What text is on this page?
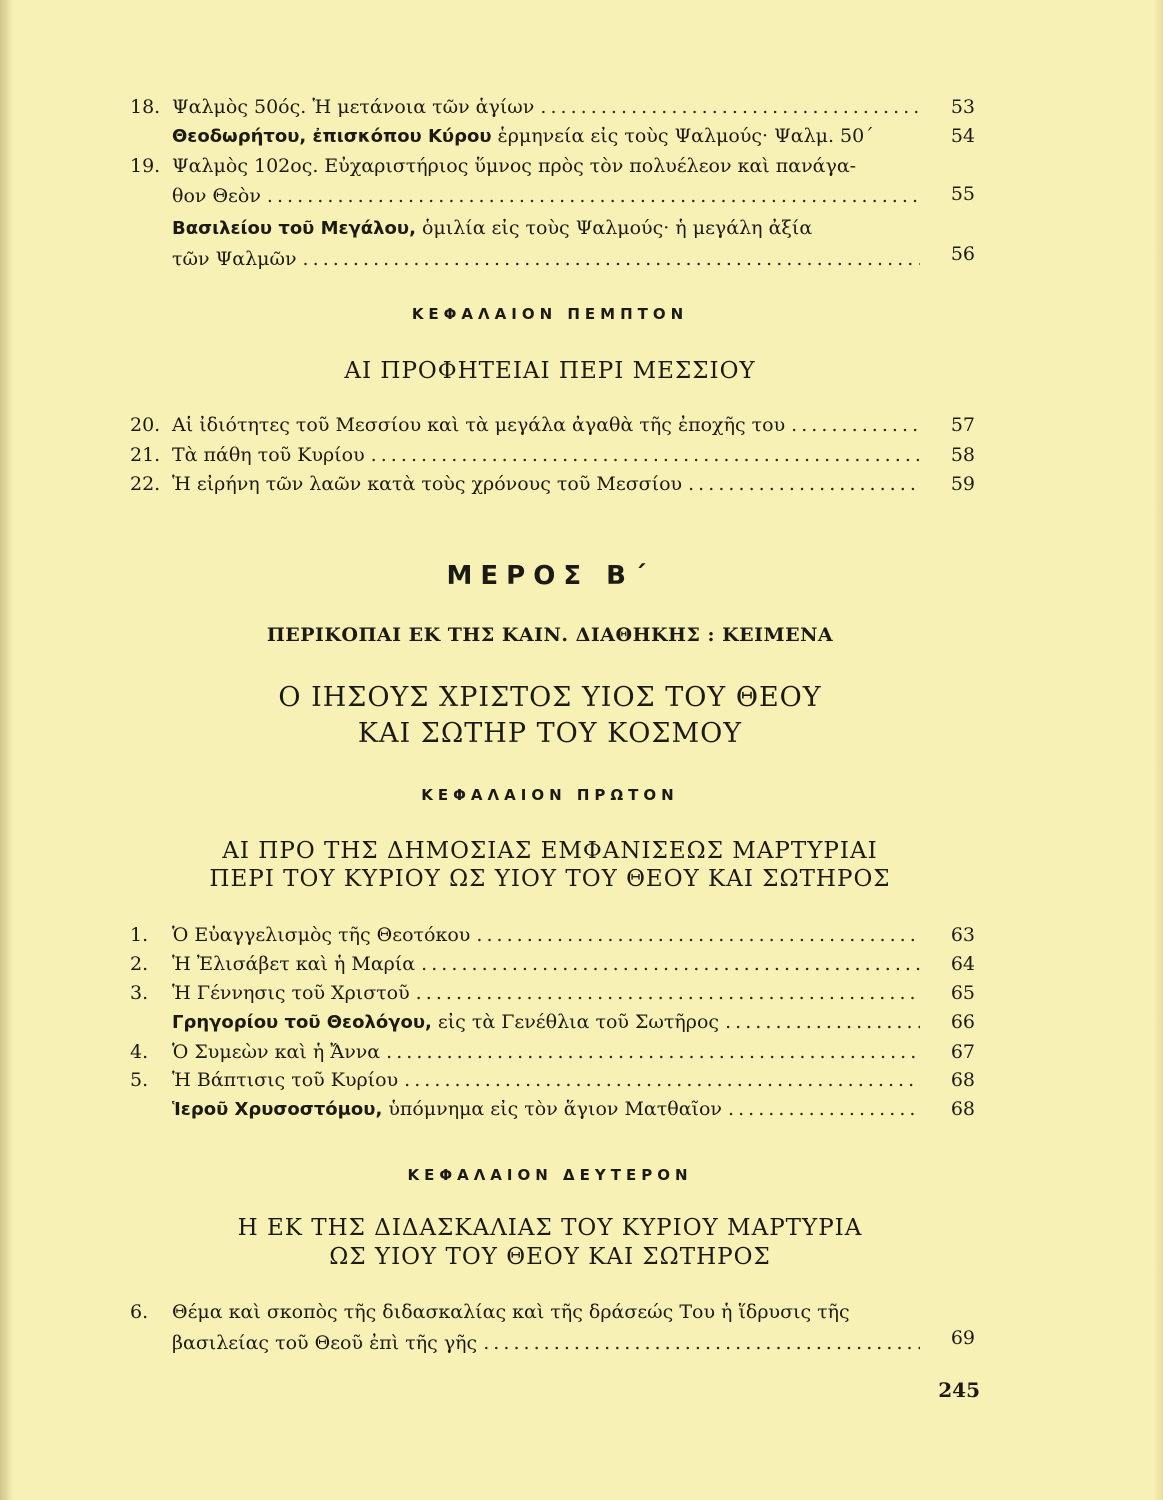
18. Ψαλμὸς 50ός. Ἡ μετάνοια τῶν ἁγίων . . .	53
Θεοδωρήτου, ἐπισκόπου Κύρου ἑρμηνεία εἰς τοὺς Ψαλμούς· Ψαλμ. 50΄	54
19. Ψαλμὸς 102ος. Εὐχαριστήριος ὕμνος πρὸς τὸν πολυέλεον καὶ πανάγα-
θον Θεὸν . . .	55
Βασιλείου τοῦ Μεγάλου, ὁμιλία εἰς τοὺς Ψαλμούς· ἡ μεγάλη ἀξία
τῶν Ψαλμῶν . . .	56
ΚΕΦΑΛΑΙΟΝ ΠΕΜΠΤΟΝ
ΑΙ ΠΡΟΦΗΤΕΙΑΙ ΠΕΡΙ ΜΕΣΣΙΟΥ
20. Αἱ ἰδιότητες τοῦ Μεσσίου καὶ τὰ μεγάλα ἀγαθὰ τῆς ἐποχῆς του . . .	57
21. Τὰ πάθη τοῦ Κυρίου . . .	58
22. Ἡ εἰρήνη τῶν λαῶν κατὰ τοὺς χρόνους τοῦ Μεσσίου . . .	59
ΜΕΡΟΣ Β΄
ΠΕΡΙΚΟΠΑΙ ΕΚ ΤΗΣ ΚΑΙΝ. ΔΙΑΘΗΚΗΣ : ΚΕΙΜΕΝΑ
Ο ΙΗΣΟΥΣ ΧΡΙΣΤΟΣ ΥΙΟΣ ΤΟΥ ΘΕΟΥ
ΚΑΙ ΣΩΤΗΡ ΤΟΥ ΚΟΣΜΟΥ
ΚΕΦΑΛΑΙΟΝ ΠΡΩΤΟΝ
ΑΙ ΠΡΟ ΤΗΣ ΔΗΜΟΣΙΑΣ ΕΜΦΑΝΙΣΕΩΣ ΜΑΡΤΥΡΙΑΙ
ΠΕΡΙ ΤΟΥ ΚΥΡΙΟΥ ΩΣ ΥΙΟΥ ΤΟΥ ΘΕΟΥ ΚΑΙ ΣΩΤΗΡΟΣ
1.	Ὁ Εὐαγγελισμὸς τῆς Θεοτόκου . . .	63
2.	Ἡ Ἐλισάβετ καὶ ἡ Μαρία . . .	64
3.	Ἡ Γέννησις τοῦ Χριστοῦ . . .	65
Γρηγορίου τοῦ Θεολόγου, εἰς τὰ Γενέθλια τοῦ Σωτῆρος . . .	66
4.	Ὁ Συμεὼν καὶ ἡ Ἄννα . . .	67
5.	Ἡ Βάπτισις τοῦ Κυρίου . . .	68
Ἱεροῦ Χρυσοστόμου, ὑπόμνημα εἰς τὸν ἅγιον Ματθαῖον . . .	68
ΚΕΦΑΛΑΙΟΝ ΔΕΥΤΕΡΟΝ
Η ΕΚ ΤΗΣ ΔΙΔΑΣΚΑΛΙΑΣ ΤΟΥ ΚΥΡΙΟΥ ΜΑΡΤΥΡΙΑ
ΩΣ ΥΙΟΥ ΤΟΥ ΘΕΟΥ ΚΑΙ ΣΩΤΗΡΟΣ
6.	Θέμα καὶ σκοπὸς τῆς διδασκαλίας καὶ τῆς δράσεώς Του ἡ ἵδρυσις τῆς
βασιλείας τοῦ Θεοῦ ἐπὶ τῆς γῆς . . .	69
245
